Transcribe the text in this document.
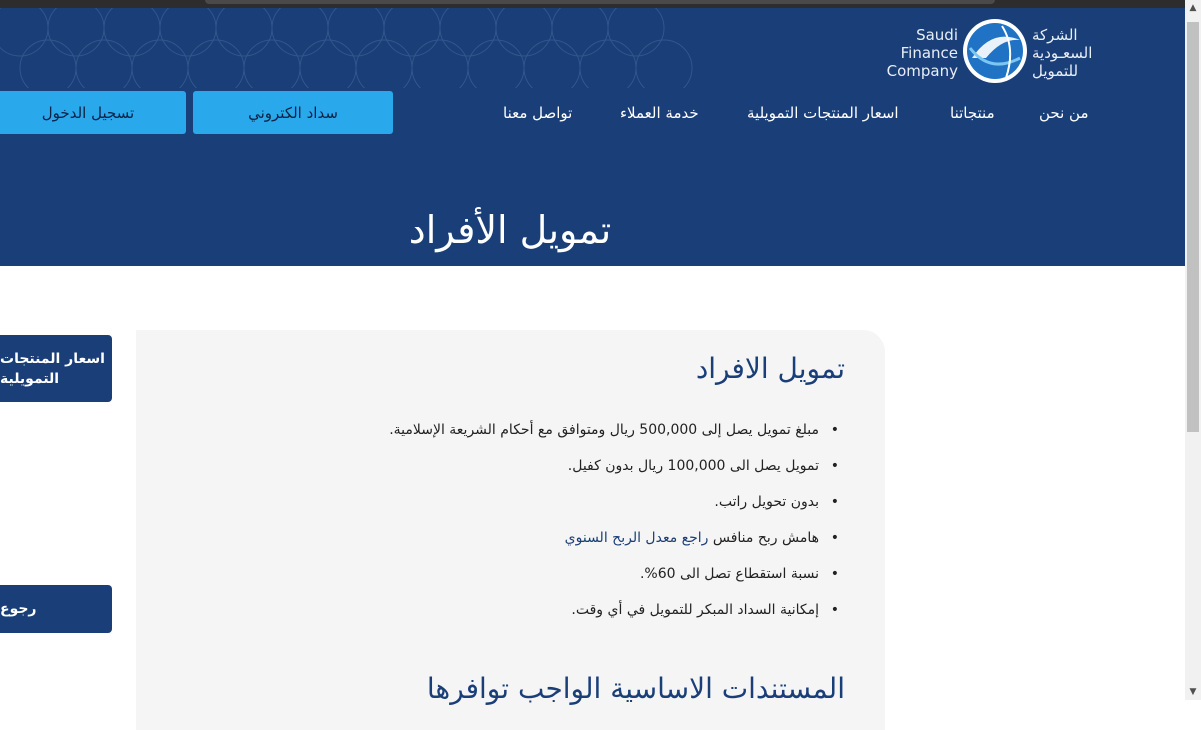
Saudi
Finance
Company
الشركة
السعـودية
للتمويل
من نحن
منتجاتنا
اسعار المنتجات التمويلية
خدمة العملاء
تواصل معنا
سداد الكتروني
تسجيل الدخول
تمويل الأفراد
اسعار المنتجات
التمويلية
رجوع
تمويل الافراد
• مبلغ تمويل يصل إلى 500,000 ريال ومتوافق مع أحكام الشريعة الإسلامية.
• تمويل يصل الى 100,000 ريال بدون كفيل.
• بدون تحويل راتب.
• هامش ربح منافس راجع معدل الربح السنوي
• نسبة استقطاع تصل الى 60%.
• إمكانية السداد المبكر للتمويل في أي وقت.
المستندات الاساسية الواجب توافرها
▲
▼
